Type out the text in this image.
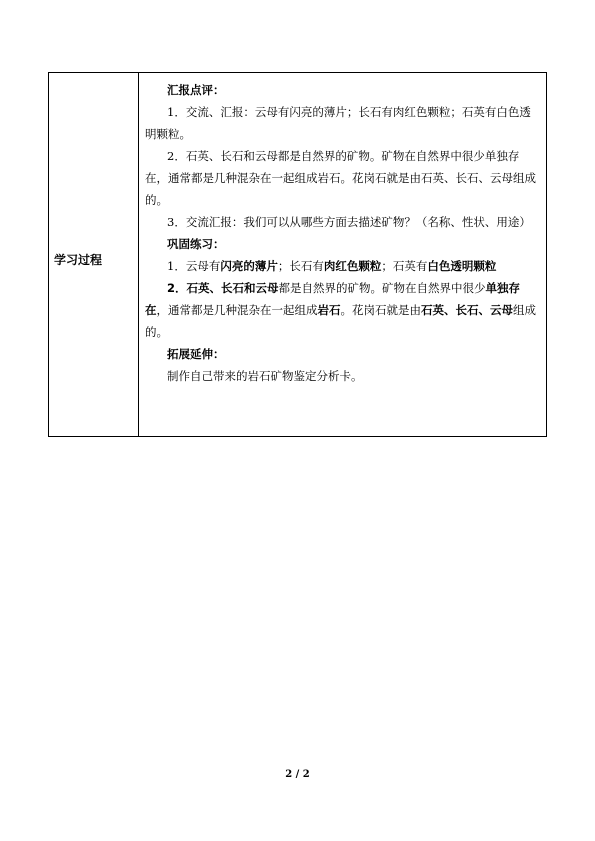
学习过程

汇报点评：

1．交流、汇报：云母有闪亮的薄片；长石有肉红色颗粒；石英有白色透明颗粒。

2．石英、长石和云母都是自然界的矿物。矿物在自然界中很少单独存在，通常都是几种混杂在一起组成岩石。花岗石就是由石英、长石、云母组成的。

3．交流汇报：我们可以从哪些方面去描述矿物？（名称、性状、用途）

巩固练习：

1．云母有闪亮的薄片；长石有肉红色颗粒；石英有白色透明颗粒

2．石英、长石和云母都是自然界的矿物。矿物在自然界中很少单独存在，通常都是几种混杂在一起组成岩石。花岗石就是由石英、长石、云母组成的。

拓展延伸：

制作自己带来的岩石矿物鉴定分析卡。

2 / 2
